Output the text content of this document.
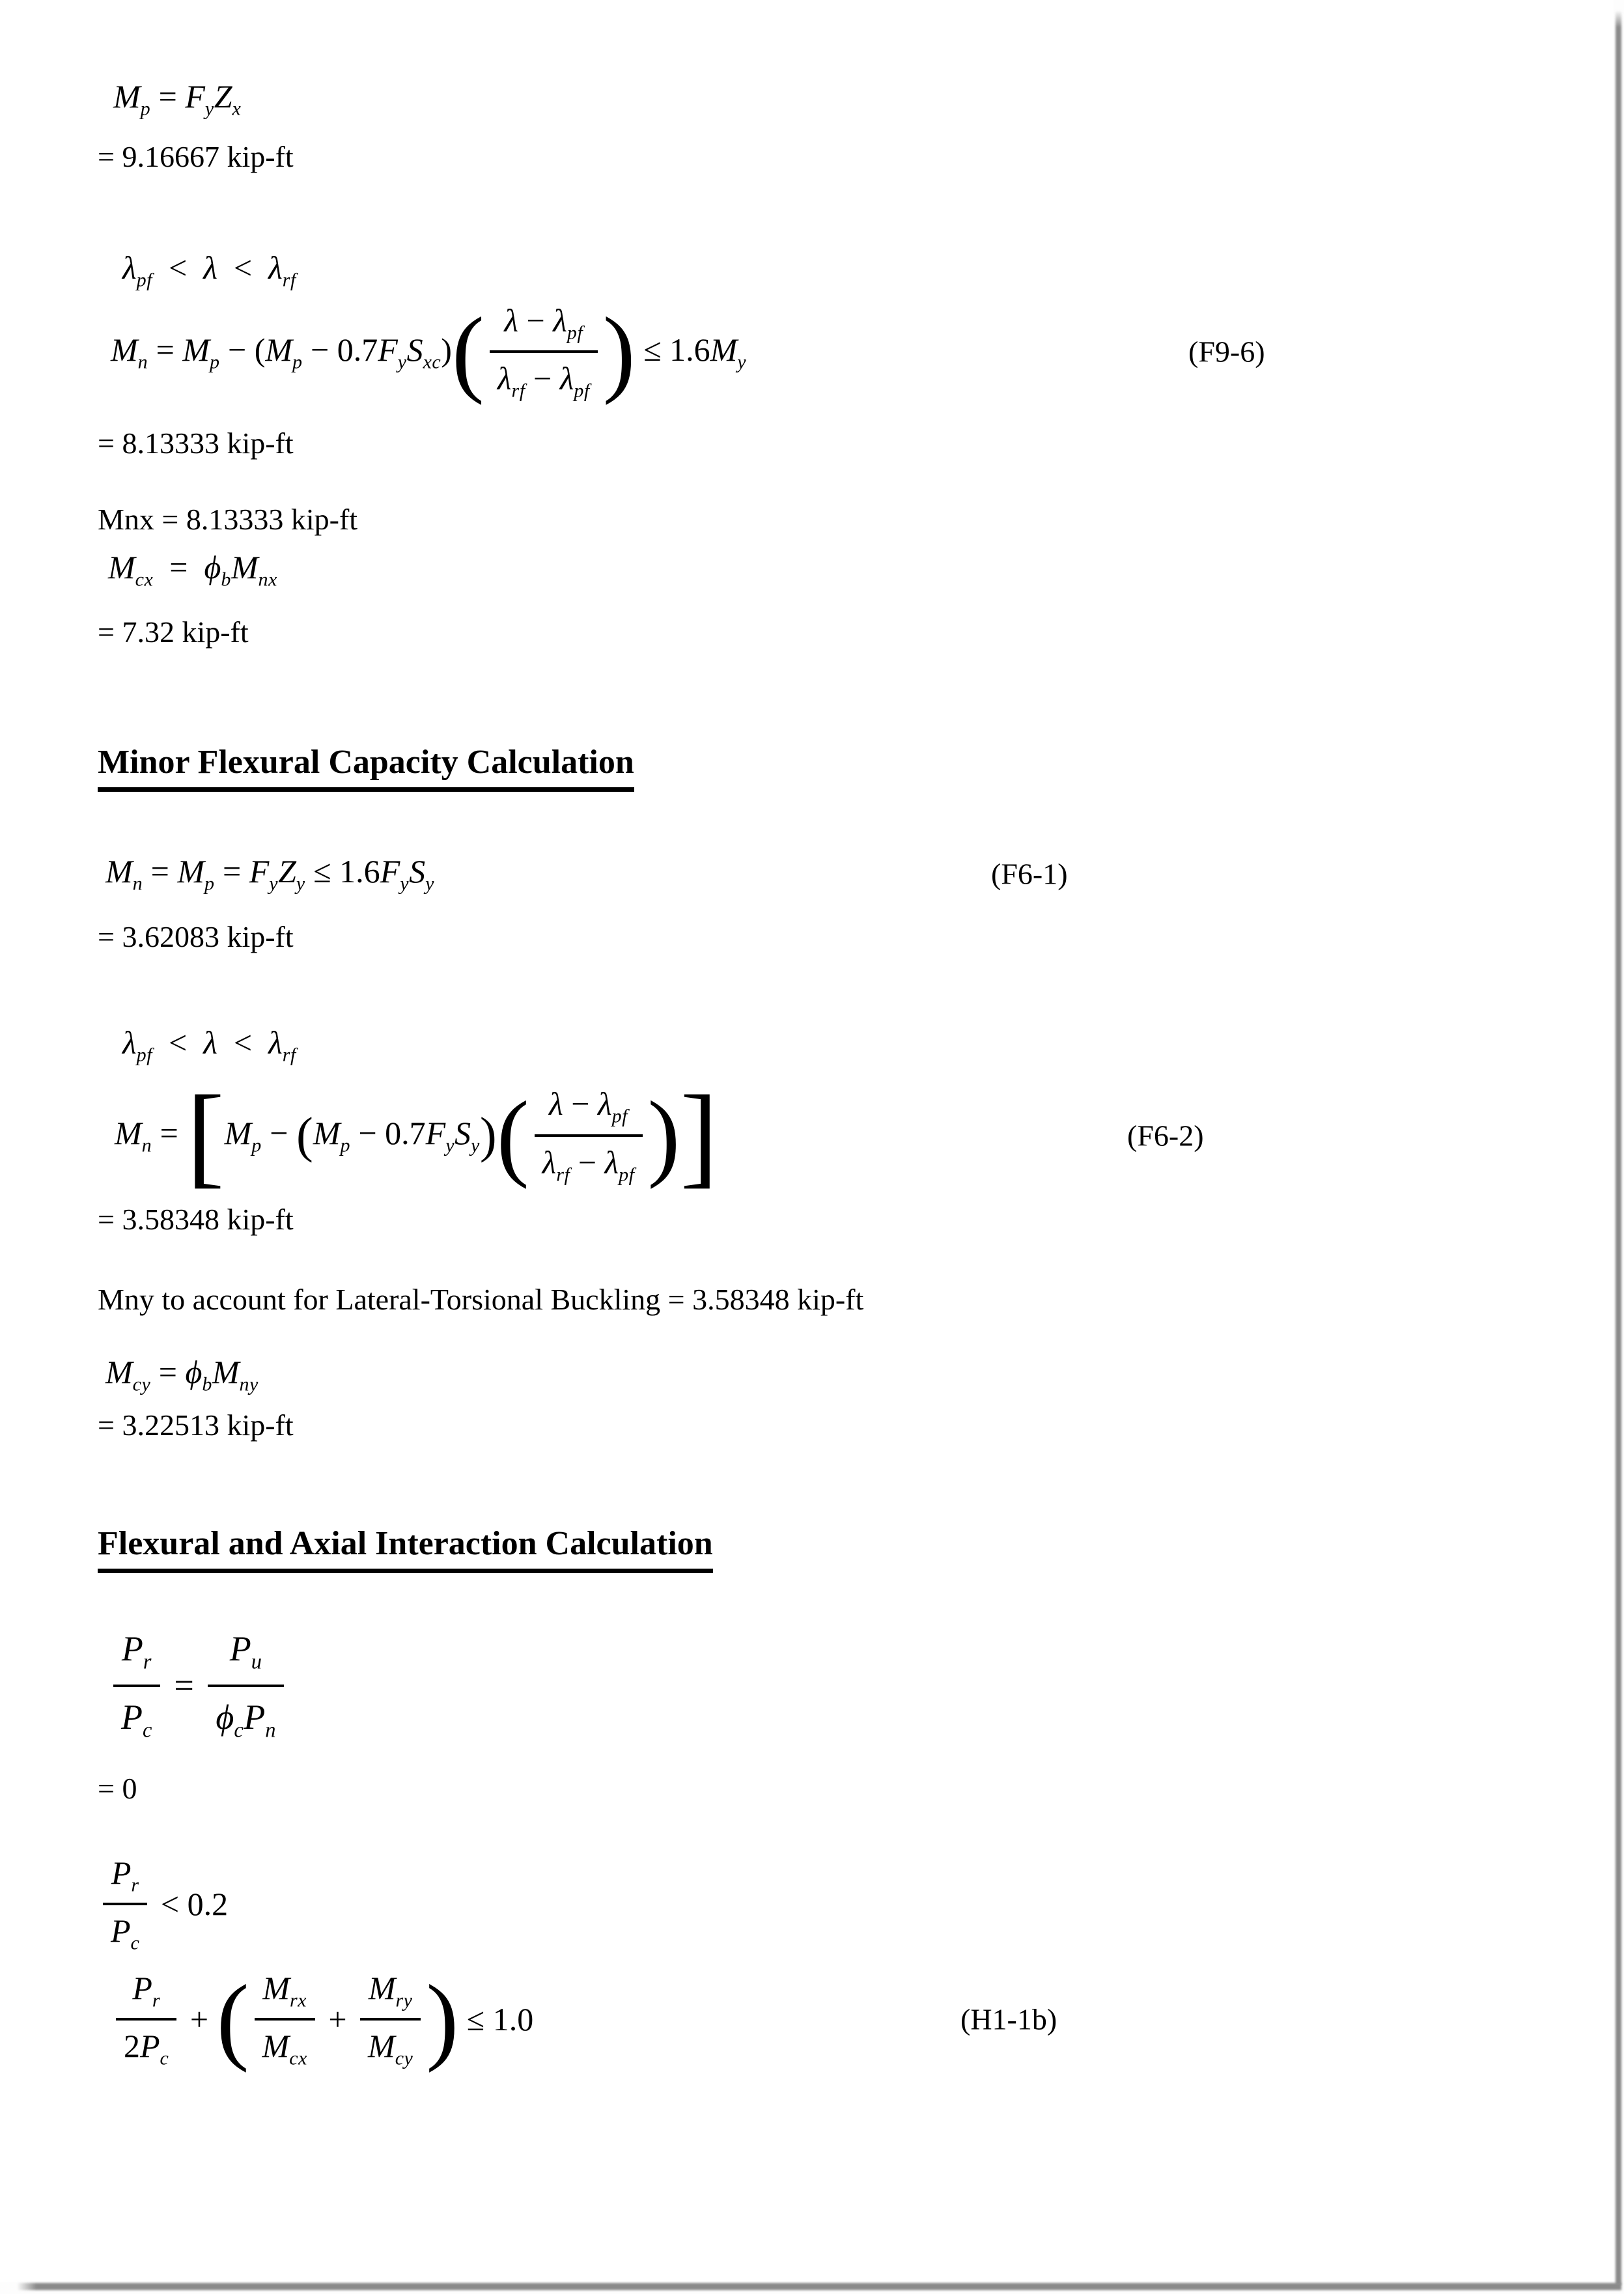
$M_p = F_yZ_x$
= 9.16667 kip-ft
$\lambda_{pf} < \lambda < \lambda_{rf}$
$M_n = M_p - (M_p - 0.7F_yS_{xc})$ ( $\frac{\lambda - \lambda_{pf}}{\lambda_{rf} - \lambda_{pf}}$ ) ≤ $1.6M_y$	(F9-6)
= 8.13333 kip-ft
Mnx = 8.13333 kip-ft
$M_{cx} = \phi_bM_{nx}$
= 7.32 kip-ft
Minor Flexural Capacity Calculation
$M_n = M_p = F_yZ_y \le 1.6F_yS_y$	(F6-1)
= 3.62083 kip-ft
$\lambda_{pf} < \lambda < \lambda_{rf}$
$M_n$ = [ $M_p$ − ( $M_p - 0.7F_yS_y$ ) ( $\frac{\lambda - \lambda_{pf}}{\lambda_{rf} - \lambda_{pf}}$ ) ]	(F6-2)
= 3.58348 kip-ft
Mny to account for Lateral-Torsional Buckling = 3.58348 kip-ft
$M_{cy} = \phi_bM_{ny}$
= 3.22513 kip-ft
Flexural and Axial Interaction Calculation
$\frac{P_r}{P_c} = \frac{P_u}{\phi_cP_n}$
= 0
$\frac{P_r}{P_c} < 0.2$
$\frac{P_r}{2P_c}$ + ( $\frac{M_{rx}}{M_{cx}} + \frac{M_{ry}}{M_{cy}}$ ) ≤ 1.0	(H1-1b)
